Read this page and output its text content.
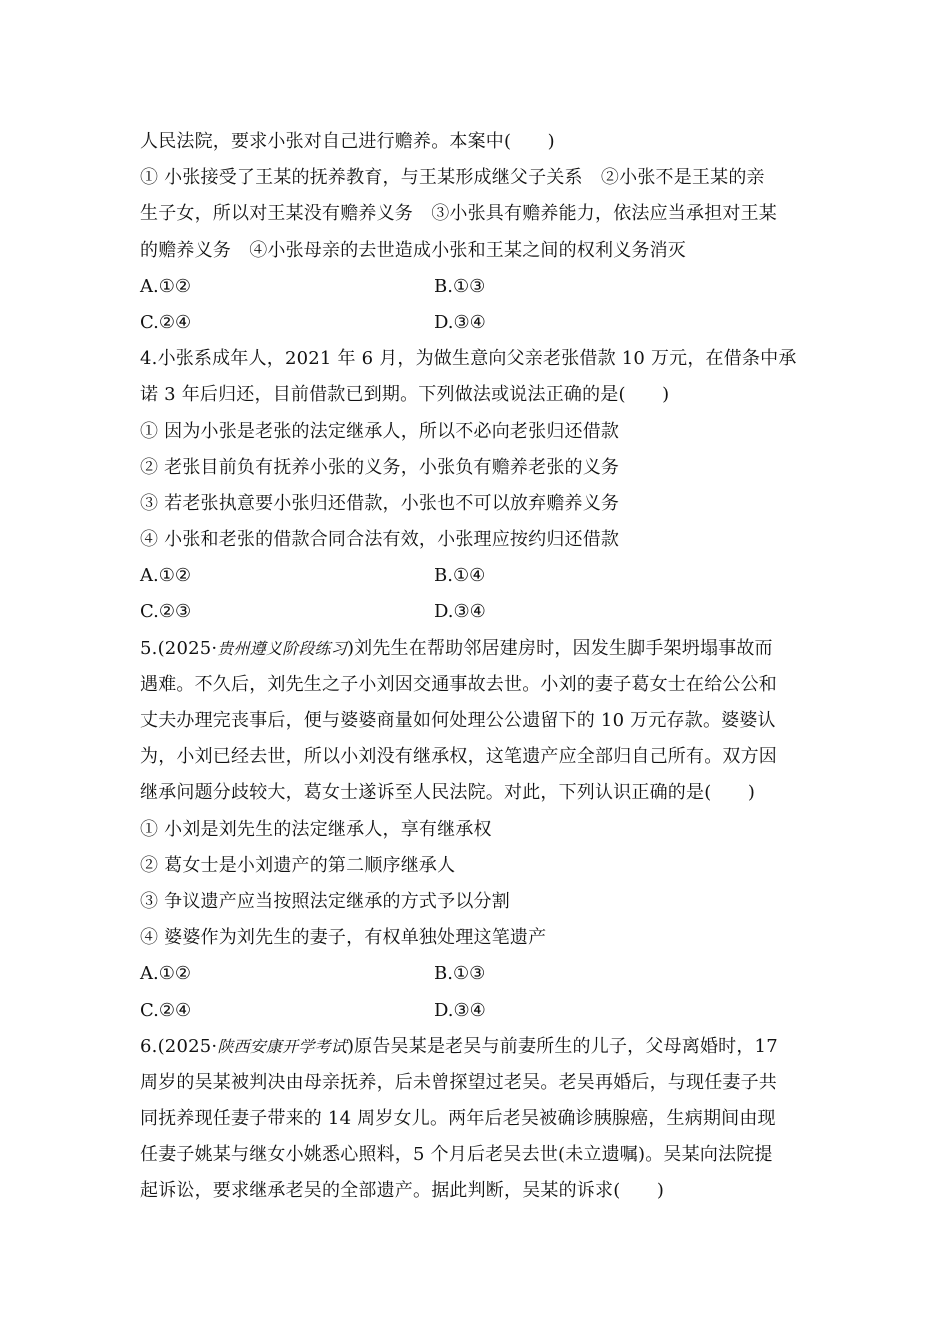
人民法院，要求小张对自己进行赡养。本案中(　　)
① 小张接受了王某的抚养教育，与王某形成继父子关系　②小张不是王某的亲
生子女，所以对王某没有赡养义务　③小张具有赡养能力，依法应当承担对王某
的赡养义务　④小张母亲的去世造成小张和王某之间的权利义务消灭
A.①②	B.①③
C.②④	D.③④
4.小张系成年人，2021 年 6 月，为做生意向父亲老张借款 10 万元，在借条中承
诺 3 年后归还，目前借款已到期。下列做法或说法正确的是(　　)
① 因为小张是老张的法定继承人，所以不必向老张归还借款
② 老张目前负有抚养小张的义务，小张负有赡养老张的义务
③ 若老张执意要小张归还借款，小张也不可以放弃赡养义务
④ 小张和老张的借款合同合法有效，小张理应按约归还借款
A.①②	B.①④
C.②③	D.③④
5.(2025·贵州遵义阶段练习)刘先生在帮助邻居建房时，因发生脚手架坍塌事故而
遇难。不久后，刘先生之子小刘因交通事故去世。小刘的妻子葛女士在给公公和
丈夫办理完丧事后，便与婆婆商量如何处理公公遗留下的 10 万元存款。婆婆认
为，小刘已经去世，所以小刘没有继承权，这笔遗产应全部归自己所有。双方因
继承问题分歧较大，葛女士遂诉至人民法院。对此，下列认识正确的是(　　)
① 小刘是刘先生的法定继承人，享有继承权
② 葛女士是小刘遗产的第二顺序继承人
③ 争议遗产应当按照法定继承的方式予以分割
④ 婆婆作为刘先生的妻子，有权单独处理这笔遗产
A.①②	B.①③
C.②④	D.③④
6.(2025·陕西安康开学考试)原告吴某是老吴与前妻所生的儿子，父母离婚时，17
周岁的吴某被判决由母亲抚养，后未曾探望过老吴。老吴再婚后，与现任妻子共
同抚养现任妻子带来的 14 周岁女儿。两年后老吴被确诊胰腺癌，生病期间由现
任妻子姚某与继女小姚悉心照料，5 个月后老吴去世(未立遗嘱)。吴某向法院提
起诉讼，要求继承老吴的全部遗产。据此判断，吴某的诉求(　　)
